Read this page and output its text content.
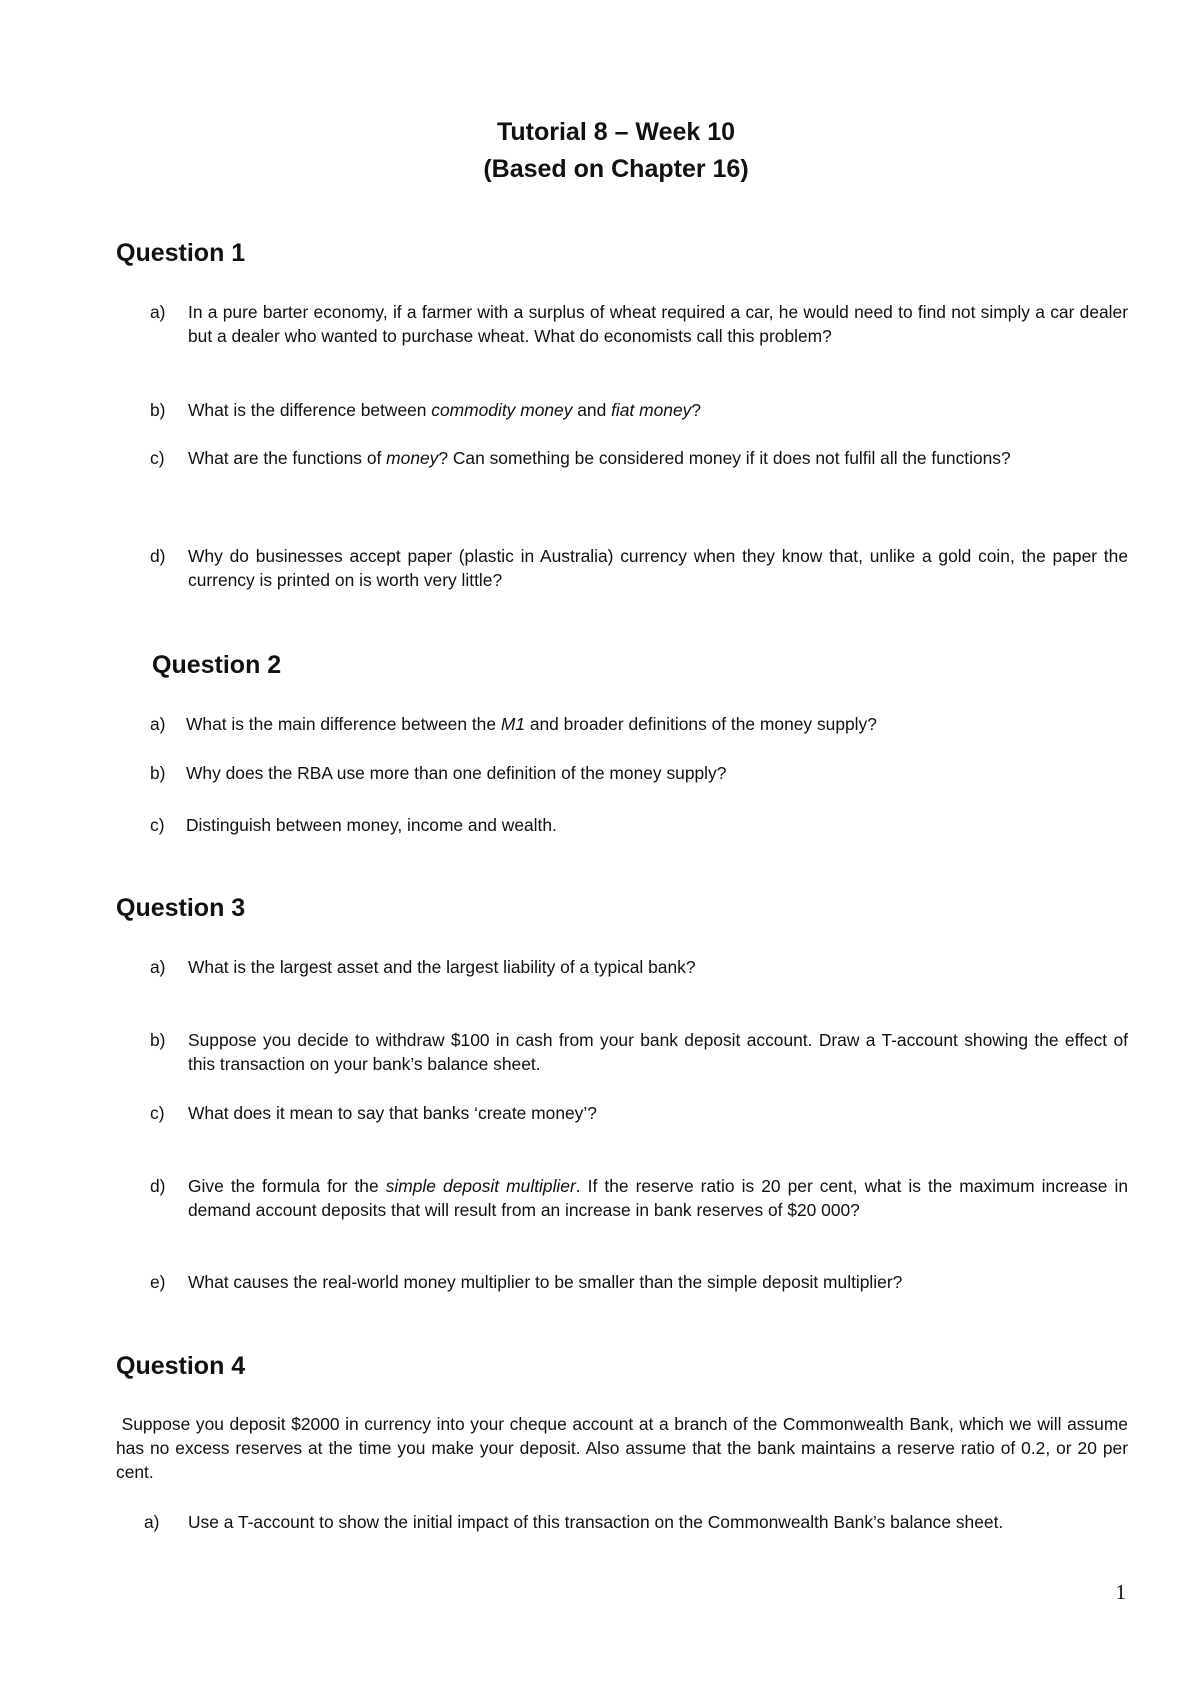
Tutorial 8 – Week 10
(Based on Chapter 16)
Question 1
a) In a pure barter economy, if a farmer with a surplus of wheat required a car, he would need to find not simply a car dealer but a dealer who wanted to purchase wheat. What do economists call this problem?
b) What is the difference between commodity money and fiat money?
c) What are the functions of money? Can something be considered money if it does not fulfil all the functions?
d) Why do businesses accept paper (plastic in Australia) currency when they know that, unlike a gold coin, the paper the currency is printed on is worth very little?
Question 2
a) What is the main difference between the M1 and broader definitions of the money supply?
b) Why does the RBA use more than one definition of the money supply?
c) Distinguish between money, income and wealth.
Question 3
a) What is the largest asset and the largest liability of a typical bank?
b) Suppose you decide to withdraw $100 in cash from your bank deposit account. Draw a T-account showing the effect of this transaction on your bank’s balance sheet.
c) What does it mean to say that banks ‘create money’?
d) Give the formula for the simple deposit multiplier. If the reserve ratio is 20 per cent, what is the maximum increase in demand account deposits that will result from an increase in bank reserves of $20 000?
e) What causes the real-world money multiplier to be smaller than the simple deposit multiplier?
Question 4
Suppose you deposit $2000 in currency into your cheque account at a branch of the Commonwealth Bank, which we will assume has no excess reserves at the time you make your deposit. Also assume that the bank maintains a reserve ratio of 0.2, or 20 per cent.
a) Use a T-account to show the initial impact of this transaction on the Commonwealth Bank’s balance sheet.
1
